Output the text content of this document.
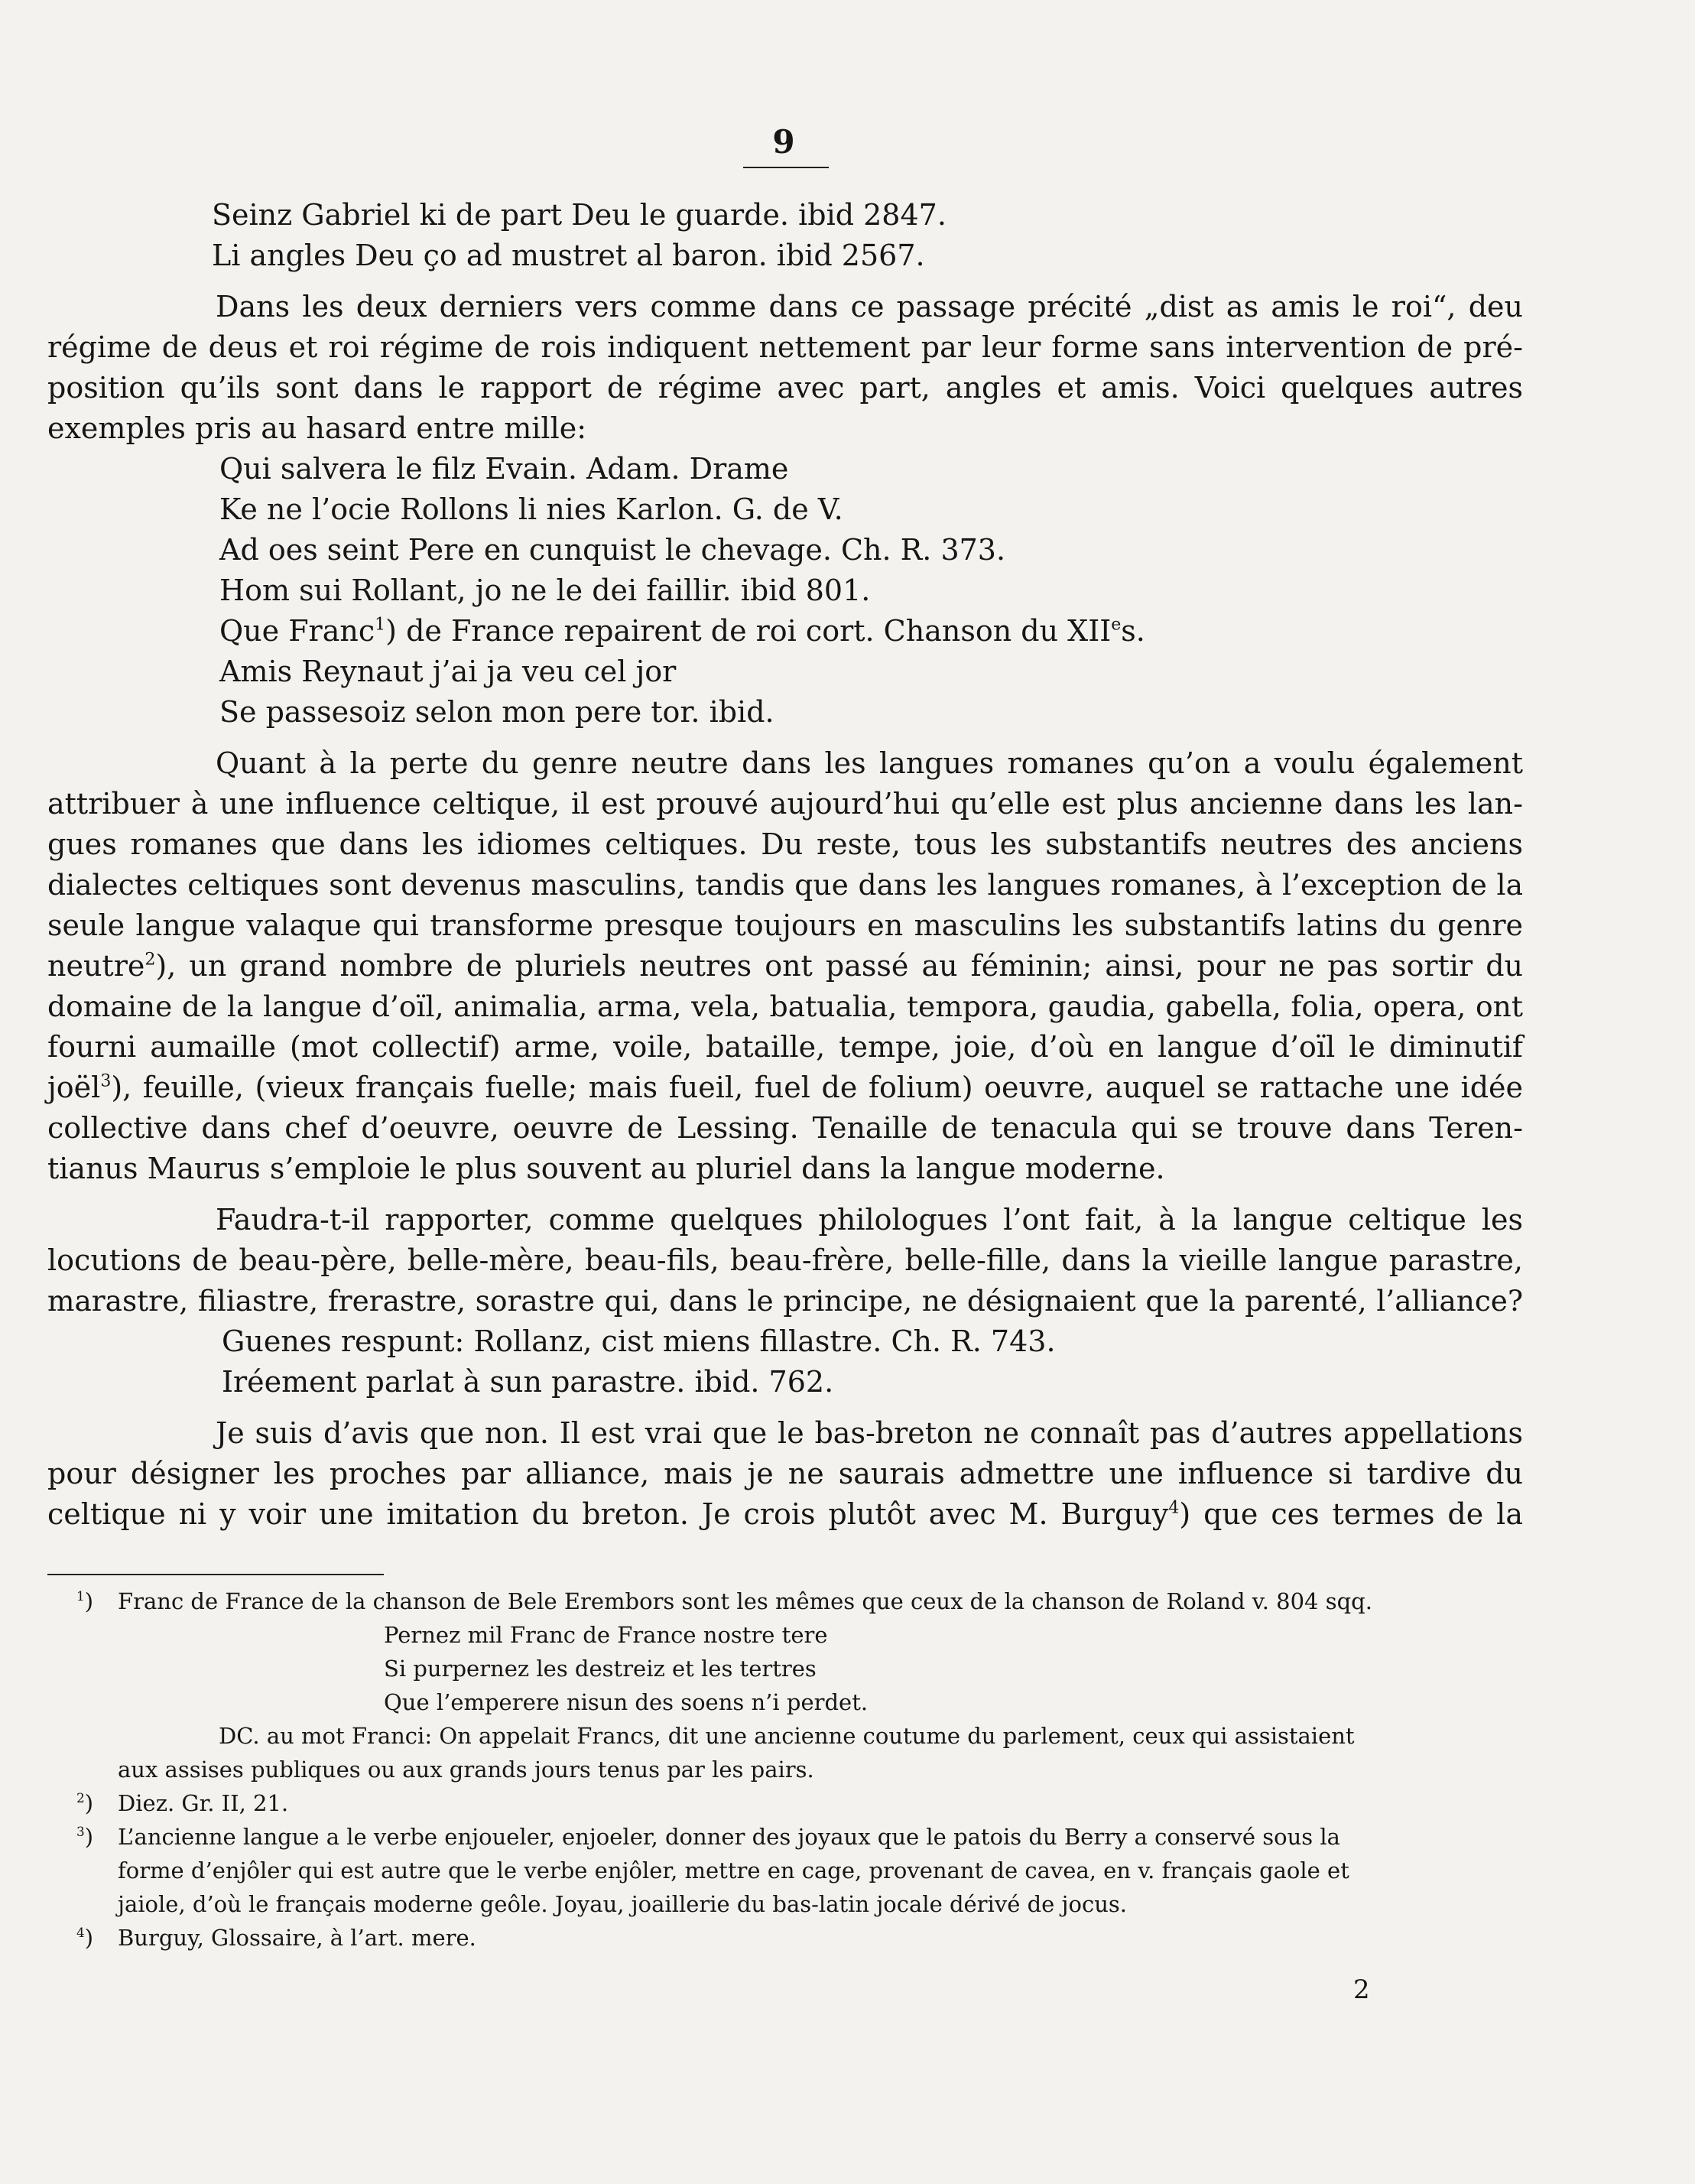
9
Seinz Gabriel ki de part Deu le guarde. ibid 2847.
Li angles Deu ço ad mustret al baron. ibid 2567.
Dans les deux derniers vers comme dans ce passage précité „dist as amis le roi“, deu
régime de deus et roi régime de rois indiquent nettement par leur forme sans intervention de pré-
position qu’ils sont dans le rapport de régime avec part, angles et amis. Voici quelques autres
exemples pris au hasard entre mille:
Qui salvera le filz Evain. Adam. Drame
Ke ne l’ocie Rollons li nies Karlon. G. de V.
Ad oes seint Pere en cunquist le chevage. Ch. R. 373.
Hom sui Rollant, jo ne le dei faillir. ibid 801.
Que Franc$^1$) de France repairent de roi cort. Chanson du XIIes.
Amis Reynaut j’ai ja veu cel jor
Se passesoiz selon mon pere tor. ibid.
Quant à la perte du genre neutre dans les langues romanes qu’on a voulu également
attribuer à une influence celtique, il est prouvé aujourd’hui qu’elle est plus ancienne dans les lan-
gues romanes que dans les idiomes celtiques. Du reste, tous les substantifs neutres des anciens
dialectes celtiques sont devenus masculins, tandis que dans les langues romanes, à l’exception de la
seule langue valaque qui transforme presque toujours en masculins les substantifs latins du genre
neutre$^2$), un grand nombre de pluriels neutres ont passé au féminin; ainsi, pour ne pas sortir du
domaine de la langue d’oïl, animalia, arma, vela, batualia, tempora, gaudia, gabella, folia, opera, ont
fourni aumaille (mot collectif) arme, voile, bataille, tempe, joie, d’où en langue d’oïl le diminutif
joël$^3$), feuille, (vieux français fuelle; mais fueil, fuel de folium) oeuvre, auquel se rattache une idée
collective dans chef d’oeuvre, oeuvre de Lessing. Tenaille de tenacula qui se trouve dans Teren-
tianus Maurus s’emploie le plus souvent au pluriel dans la langue moderne.
Faudra-t-il rapporter, comme quelques philologues l’ont fait, à la langue celtique les
locutions de beau-père, belle-mère, beau-fils, beau-frère, belle-fille, dans la vieille langue parastre,
marastre, filiastre, frerastre, sorastre qui, dans le principe, ne désignaient que la parenté, l’alliance?
Guenes respunt: Rollanz, cist miens fillastre. Ch. R. 743.
Iréement parlat à sun parastre. ibid. 762.
Je suis d’avis que non. Il est vrai que le bas-breton ne connaît pas d’autres appellations
pour désigner les proches par alliance, mais je ne saurais admettre une influence si tardive du
celtique ni y voir une imitation du breton. Je crois plutôt avec M. Burguy$^4$) que ces termes de la
$^1$) Franc de France de la chanson de Bele Erembors sont les mêmes que ceux de la chanson de Roland v. 804 sqq.
Pernez mil Franc de France nostre tere
Si purpernez les destreiz et les tertres
Que l’emperere nisun des soens n’i perdet.
DC. au mot Franci: On appelait Francs, dit une ancienne coutume du parlement, ceux qui assistaient
aux assises publiques ou aux grands jours tenus par les pairs.
$^2$) Diez. Gr. II, 21.
$^3$) L’ancienne langue a le verbe enjoueler, enjoeler, donner des joyaux que le patois du Berry a conservé sous la
forme d’enjôler qui est autre que le verbe enjôler, mettre en cage, provenant de cavea, en v. français gaole et
jaiole, d’où le français moderne geôle. Joyau, joaillerie du bas-latin jocale dérivé de jocus.
$^4$) Burguy, Glossaire, à l’art. mere.
2
